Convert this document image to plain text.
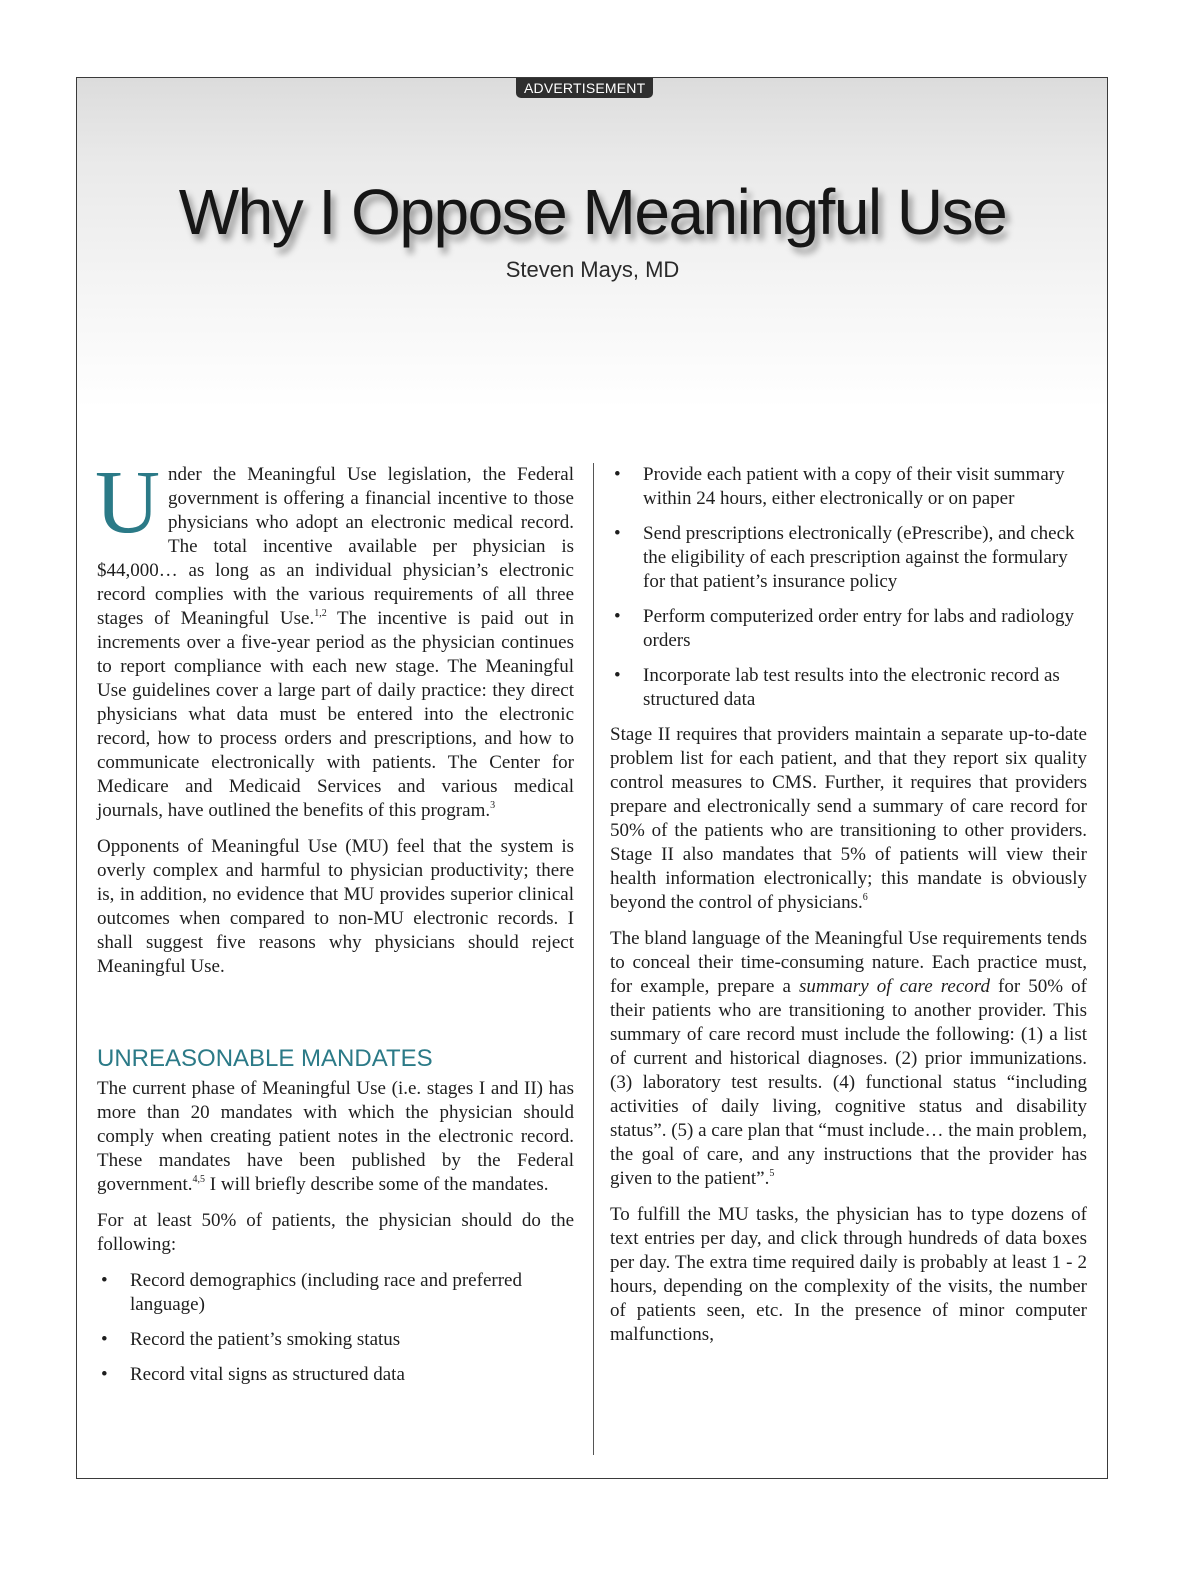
ADVERTISEMENT
Why I Oppose Meaningful Use
Steven Mays, MD

Under the Meaningful Use legislation, the Federal government is offering a financial incentive to those physicians who adopt an electronic medical record. The total incentive available per physician is $44,000… as long as an individual physician’s electronic record complies with the various requirements of all three stages of Meaningful Use.$^{1,2}$ The incentive is paid out in increments over a five-year period as the physician continues to report compliance with each new stage. The Meaningful Use guidelines cover a large part of daily practice: they direct physicians what data must be entered into the electronic record, how to process orders and prescriptions, and how to communicate electronically with patients. The Center for Medicare and Medicaid Services and various medical journals, have outlined the benefits of this program.$^3$

Opponents of Meaningful Use (MU) feel that the system is overly complex and harmful to physician productivity; there is, in addition, no evidence that MU provides superior clinical outcomes when compared to non-MU electronic records. I shall suggest five reasons why physicians should reject Meaningful Use.

UNREASONABLE MANDATES

The current phase of Meaningful Use (i.e. stages I and II) has more than 20 mandates with which the physician should comply when creating patient notes in the electronic record. These mandates have been published by the Federal government.$^{4,5}$ I will briefly describe some of the mandates.

For at least 50% of patients, the physician should do the following:

• Record demographics (including race and preferred language)
• Record the patient’s smoking status
• Record vital signs as structured data
• Provide each patient with a copy of their visit summary within 24 hours, either electronically or on paper
• Send prescriptions electronically (ePrescribe), and check the eligibility of each prescription against the formulary for that patient’s insurance policy
• Perform computerized order entry for labs and radiology orders
• Incorporate lab test results into the electronic record as structured data

Stage II requires that providers maintain a separate up-to-date problem list for each patient, and that they report six quality control measures to CMS. Further, it requires that providers prepare and electronically send a summary of care record for 50% of the patients who are transitioning to other providers. Stage II also mandates that 5% of patients will view their health information electronically; this mandate is obviously beyond the control of physicians.$^6$

The bland language of the Meaningful Use requirements tends to conceal their time-consuming nature. Each practice must, for example, prepare a summary of care record for 50% of their patients who are transitioning to another provider. This summary of care record must include the following: (1) a list of current and historical diagnoses. (2) prior immunizations. (3) laboratory test results. (4) functional status “including activities of daily living, cognitive status and disability status”. (5) a care plan that “must include… the main problem, the goal of care, and any instructions that the provider has given to the patient”.$^5$

To fulfill the MU tasks, the physician has to type dozens of text entries per day, and click through hundreds of data boxes per day. The extra time required daily is probably at least 1 - 2 hours, depending on the complexity of the visits, the number of patients seen, etc. In the presence of minor computer malfunctions,
